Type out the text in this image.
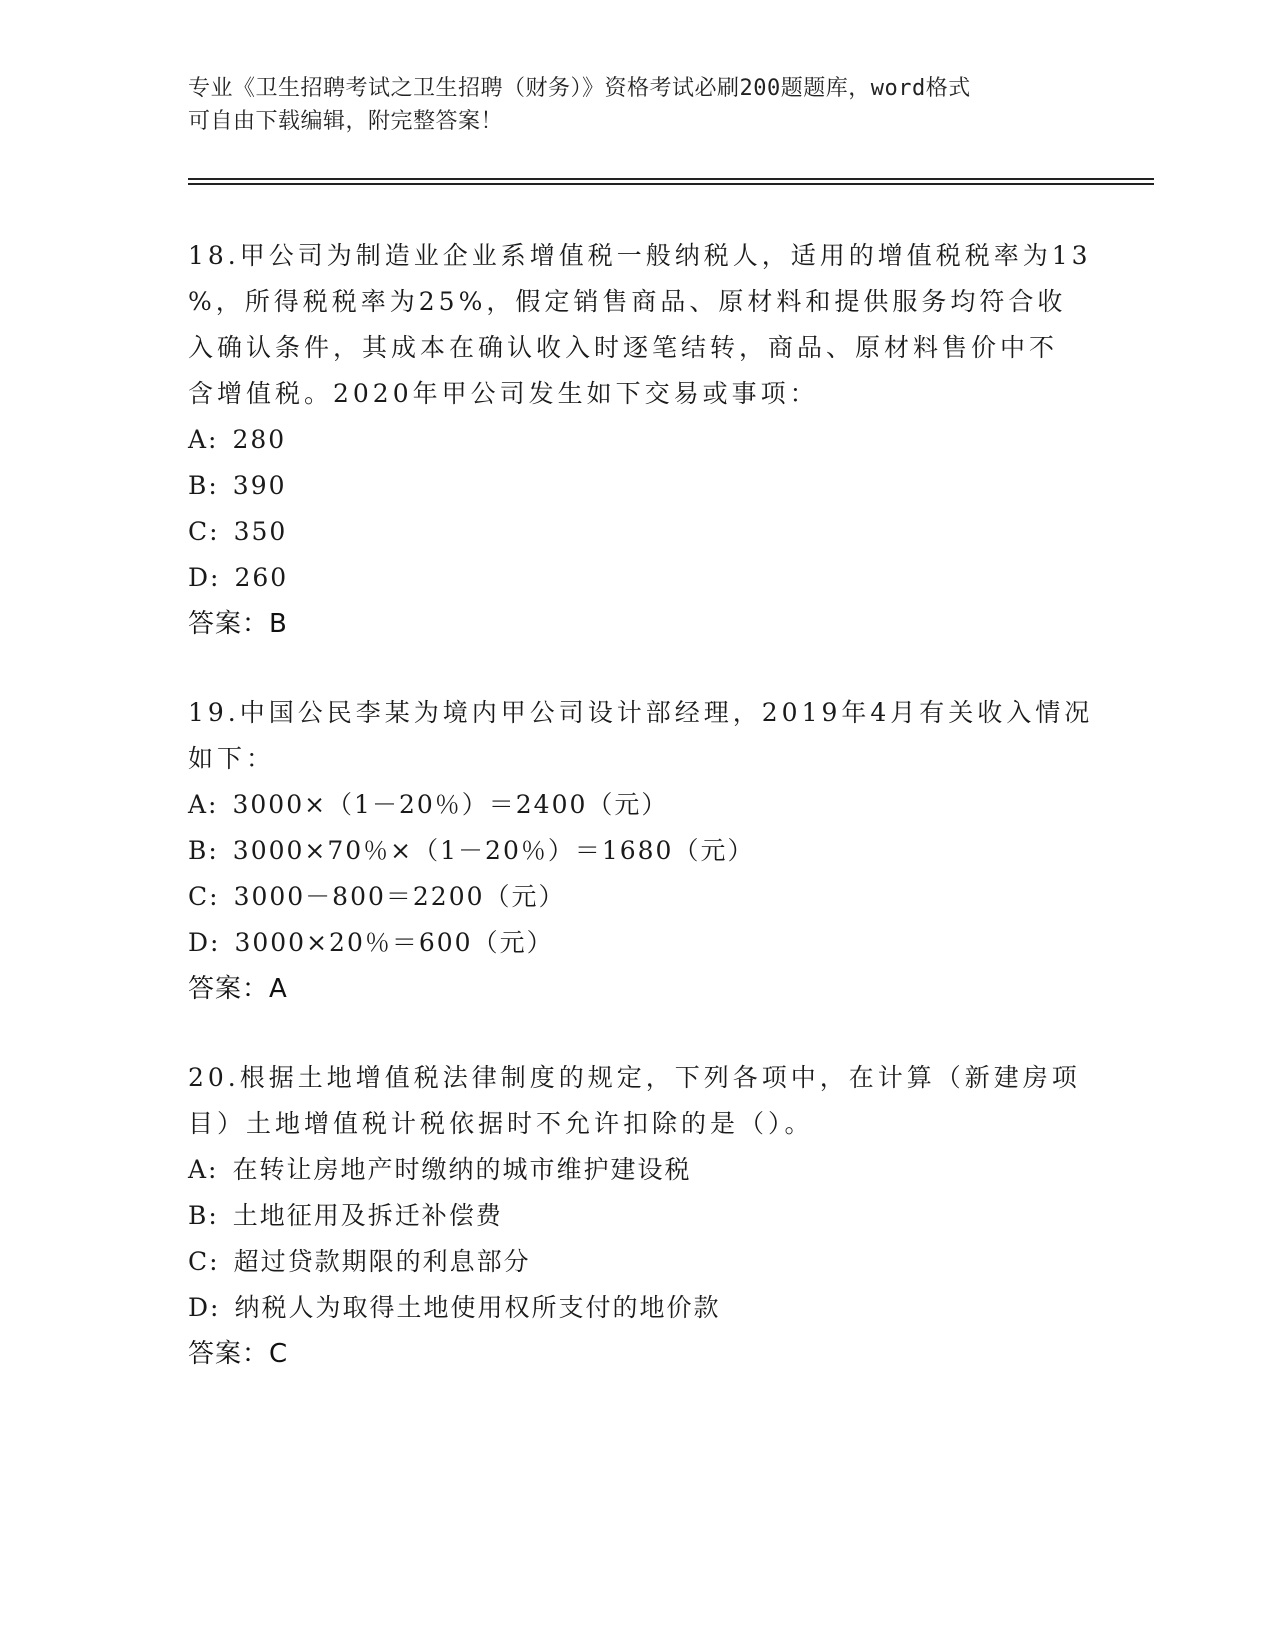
专业《卫生招聘考试之卫生招聘（财务）》资格考试必刷200题题库，word格式
可自由下载编辑，附完整答案！
18.甲公司为制造业企业系增值税一般纳税人，适用的增值税税率为13
%，所得税税率为25%，假定销售商品、原材料和提供服务均符合收
入确认条件，其成本在确认收入时逐笔结转，商品、原材料售价中不
含增值税。2020年甲公司发生如下交易或事项：
A: 280
B: 390
C: 350
D: 260
答案：B
19.中国公民李某为境内甲公司设计部经理，2019年4月有关收入情况
如下：
A: 3000×（1－20％）＝2400（元）
B: 3000×70％×（1－20％）＝1680（元）
C: 3000－800＝2200（元）
D: 3000×20％＝600（元）
答案：A
20.根据土地增值税法律制度的规定，下列各项中，在计算（新建房项
目）土地增值税计税依据时不允许扣除的是（）。
A: 在转让房地产时缴纳的城市维护建设税
B: 土地征用及拆迁补偿费
C: 超过贷款期限的利息部分
D: 纳税人为取得土地使用权所支付的地价款
答案：C
